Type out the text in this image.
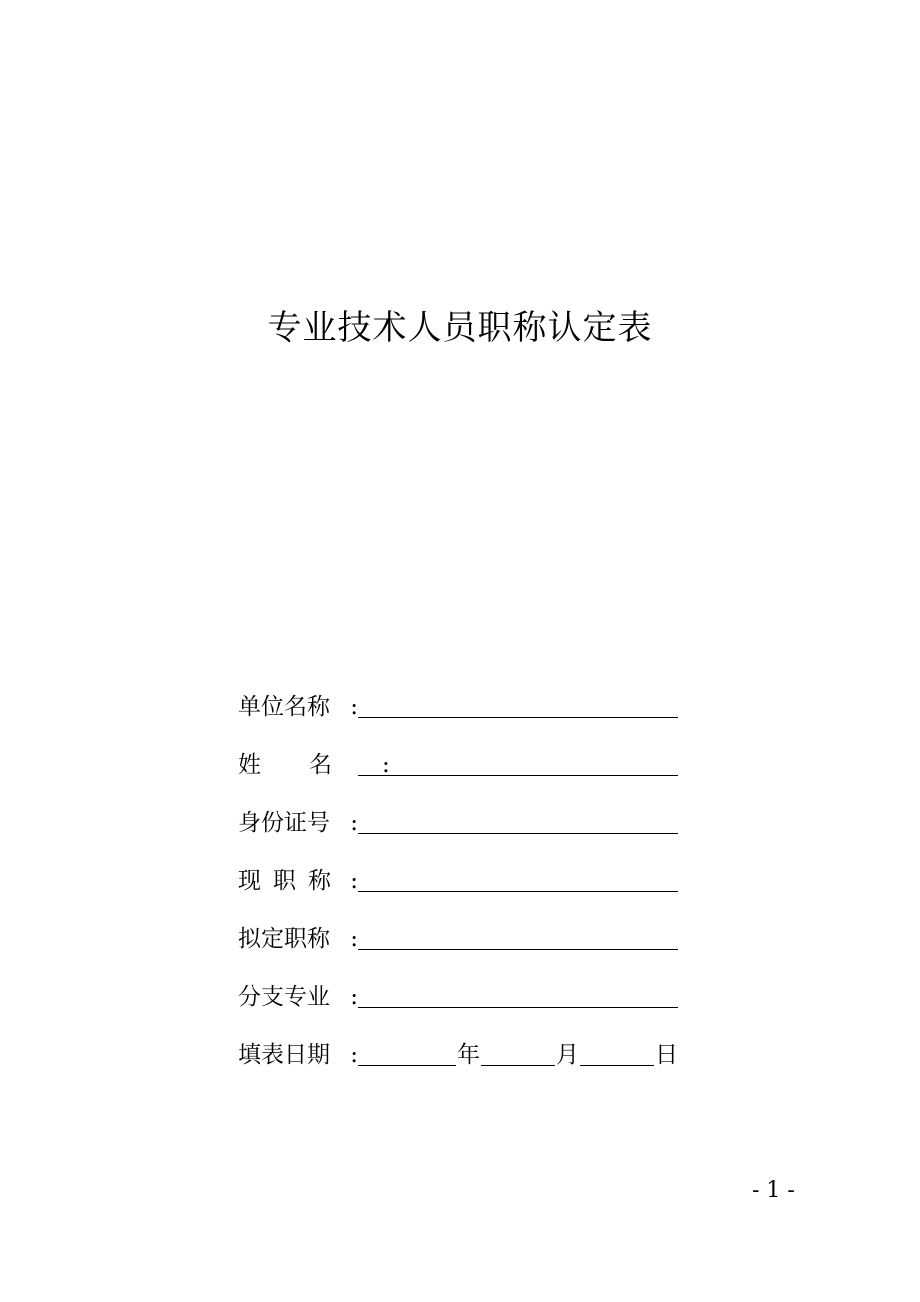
专业技术人员职称认定表
单位名称 :
姓名 :
身份证号 :
现职称 :
拟定职称 :
分支专业 :
填表日期 :	年	月	日
- 1 -
